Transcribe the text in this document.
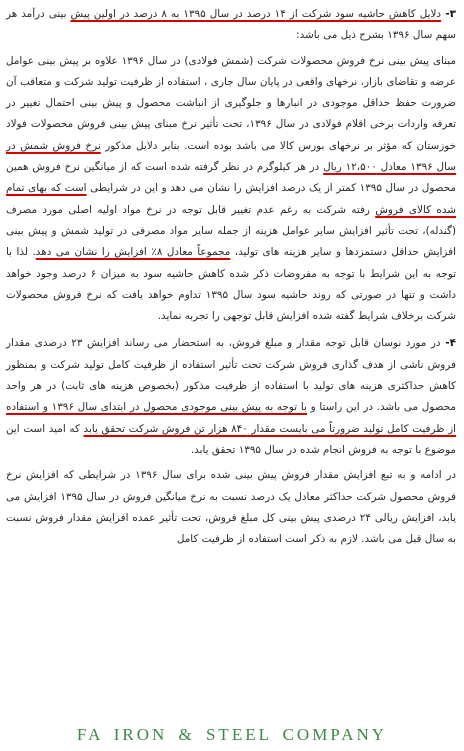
۳- دلایل کاهش حاشیه سود شرکت از ۱۴ درصد در سال ۱۳۹۵ به ۸ درصد در اولین پیش بینی درآمد هر سهم سال ۱۳۹۶ بشرح ذیل می باشد:

مبنای پیش بینی نرخ فروش محصولات شرکت (شمش فولادی) در سال ۱۳۹۶ علاوه بر پیش بینی عوامل عرضه و تقاضای بازار، نرخهای واقعی در پایان سال جاری ، استفاده از ظرفیت تولید شرکت و متعاقب آن ضرورت حفظ حداقل موجودی در انبارها و جلوگیری از انباشت محصول و پیش بینی احتمال تغییر در تعرفه واردات برخی اقلام فولادی در سال ۱۳۹۶، تحت تأثیر نرخ مبنای پیش بینی فروش محصولات فولاد خوزستان که مؤثر بر نرخهای بورس کالا می باشد بوده است. بنابر دلایل مذکور نرخ فروش شمش در سال ۱۳۹۶ معادل ۱۲،۵۰۰ ریال در هر کیلوگرم در نظر گرفته شده است که از میانگین نرخ فروش همین محصول در سال ۱۳۹۵ کمتر از یک درصد افزایش را نشان می دهد و این در شرایطی است که بهای تمام شده کالای فروش رفته شرکت به رغم عدم تغییر قابل توجه در نرخ مواد اولیه اصلی مورد مصرف (گندله)، تحت تأثیر افزایش سایر عوامل هزینه از جمله سایر مواد مصرفی در تولید شمش و پیش بینی افزایش حداقل دستمزدها و سایر هزینه های تولید، مجموعاً معادل ۸٪ افزایش را نشان می دهد. لذا با توجه به این شرایط با توجه به مفروضات ذکر شده کاهش حاشیه سود به میزان ۶ درصد وجود خواهد داشت و تنها در صورتی که روند حاشیه سود سال ۱۳۹۵ تداوم خواهد یافت که نرخ فروش محصولات شرکت برخلاف شرایط گفته شده افزایش قابل توجهی را تجربه نماید.

۴- در مورد نوسان قابل توجه مقدار و مبلغ فروش، به استحضار می رساند افزایش ۲۳ درصدی مقدار فروش ناشی از هدف گذاری فروش شرکت تحت تأثیر استفاده از ظرفیت کامل تولید شرکت و بمنظور کاهش حداکثری هزینه های تولید با استفاده از ظرفیت مذکور (بخصوص هزینه های ثابت) در هر واحد محصول می باشد. در این راستا و با توجه به پیش بینی موجودی محصول در ابتدای سال ۱۳۹۶ و استفاده از ظرفیت کامل تولید ضرورتاً می بایست مقدار ۸۴۰ هزار تن فروش شرکت تحقق یابد که امید است این موضوع با توجه به فروش انجام شده در سال ۱۳۹۵ تحقق یابد.

در ادامه و به تبع افزایش مقدار فروش پیش بینی شده برای سال ۱۳۹۶ در شرایطی که افزایش نرخ فروش محصول شرکت حداکثر معادل یک درصد نسبت به نرخ میانگین فروش در سال ۱۳۹۵ افزایش می یابد، افزایش ریالی ۲۴ درصدی پیش بینی کل مبلغ فروش، تحت تأثیر عمده افزایش مقدار فروش نسبت به سال قبل می باشد. لازم به ذکر است استفاده از ظرفیت کامل

FA IRON & STEEL COMPANY
